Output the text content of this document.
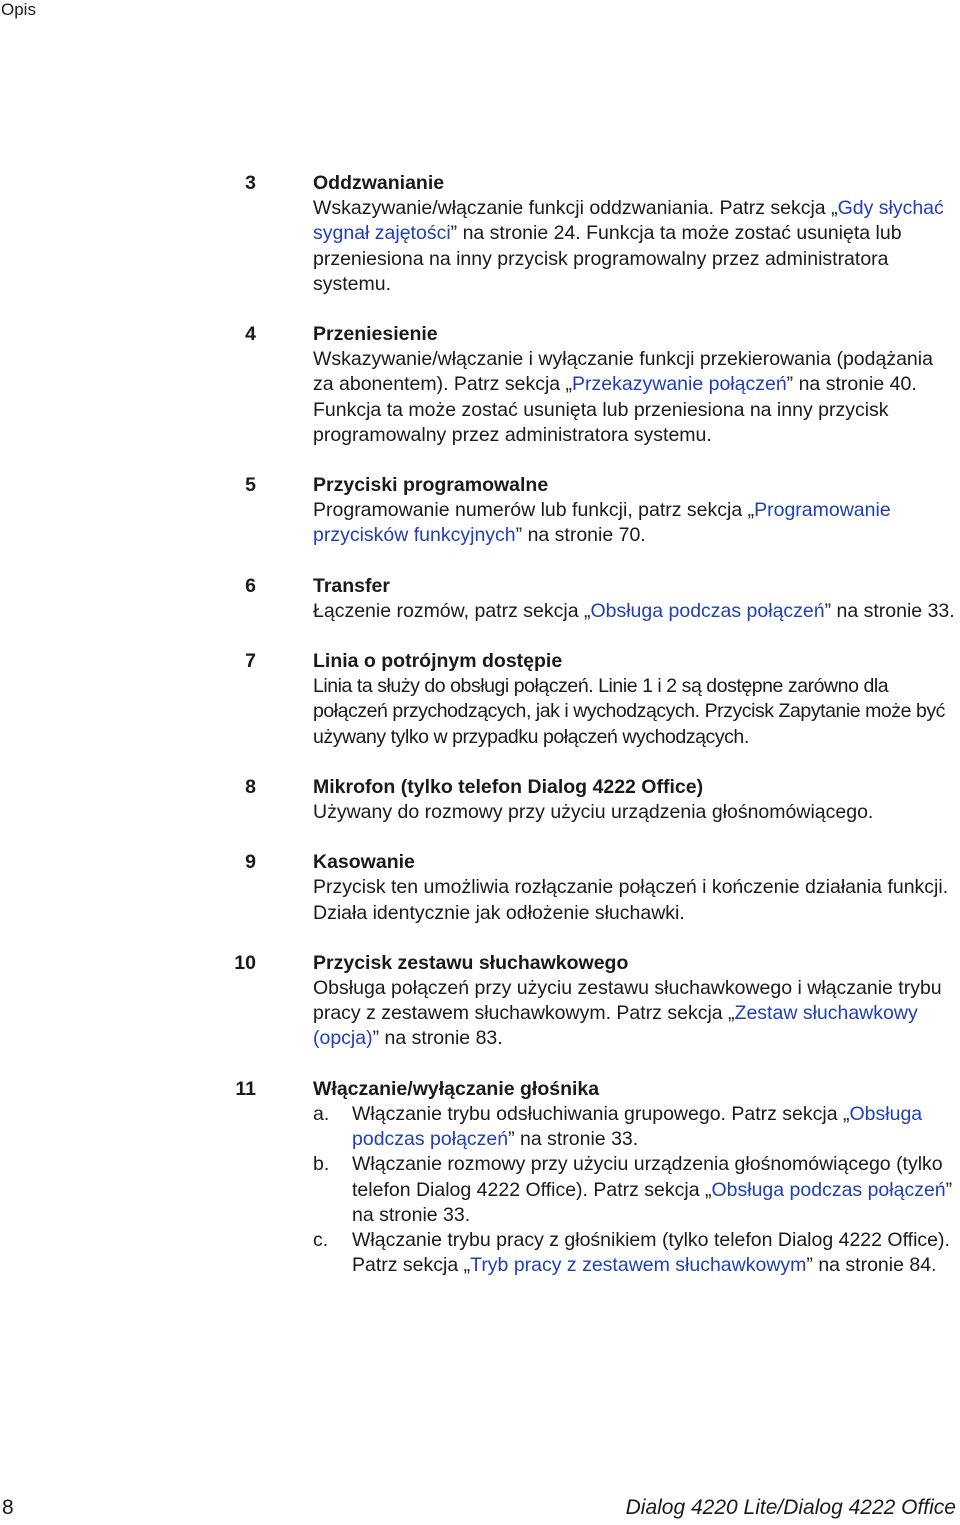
Opis
3	Oddzwanianie
Wskazywanie/włączanie funkcji oddzwaniania. Patrz sekcja „Gdy słychać sygnał zajętości” na stronie 24. Funkcja ta może zostać usunięta lub przeniesiona na inny przycisk programowalny przez administratora systemu.
4	Przeniesienie
Wskazywanie/włączanie i wyłączanie funkcji przekierowania (podążania za abonentem). Patrz sekcja „Przekazywanie połączeń” na stronie 40. Funkcja ta może zostać usunięta lub przeniesiona na inny przycisk programowalny przez administratora systemu.
5	Przyciski programowalne
Programowanie numerów lub funkcji, patrz sekcja „Programowanie przycisków funkcyjnych” na stronie 70.
6	Transfer
Łączenie rozmów, patrz sekcja „Obsługa podczas połączeń” na stronie 33.
7	Linia o potrójnym dostępie
Linia ta służy do obsługi połączeń. Linie 1 i 2 są dostępne zarówno dla połączeń przychodzących, jak i wychodzących. Przycisk Zapytanie może być używany tylko w przypadku połączeń wychodzących.
8	Mikrofon (tylko telefon Dialog 4222 Office)
Używany do rozmowy przy użyciu urządzenia głośnomówiącego.
9	Kasowanie
Przycisk ten umożliwia rozłączanie połączeń i kończenie działania funkcji. Działa identycznie jak odłożenie słuchawki.
10	Przycisk zestawu słuchawkowego
Obsługa połączeń przy użyciu zestawu słuchawkowego i włączanie trybu pracy z zestawem słuchawkowym. Patrz sekcja „Zestaw słuchawkowy (opcja)” na stronie 83.
11	Włączanie/wyłączanie głośnika
a. Włączanie trybu odsłuchiwania grupowego. Patrz sekcja „Obsługa podczas połączeń” na stronie 33.
b. Włączanie rozmowy przy użyciu urządzenia głośnomówiącego (tylko telefon Dialog 4222 Office). Patrz sekcja „Obsługa podczas połączeń” na stronie 33.
c. Włączanie trybu pracy z głośnikiem (tylko telefon Dialog 4222 Office). Patrz sekcja „Tryb pracy z zestawem słuchawkowym” na stronie 84.
8	Dialog 4220 Lite/Dialog 4222 Office
